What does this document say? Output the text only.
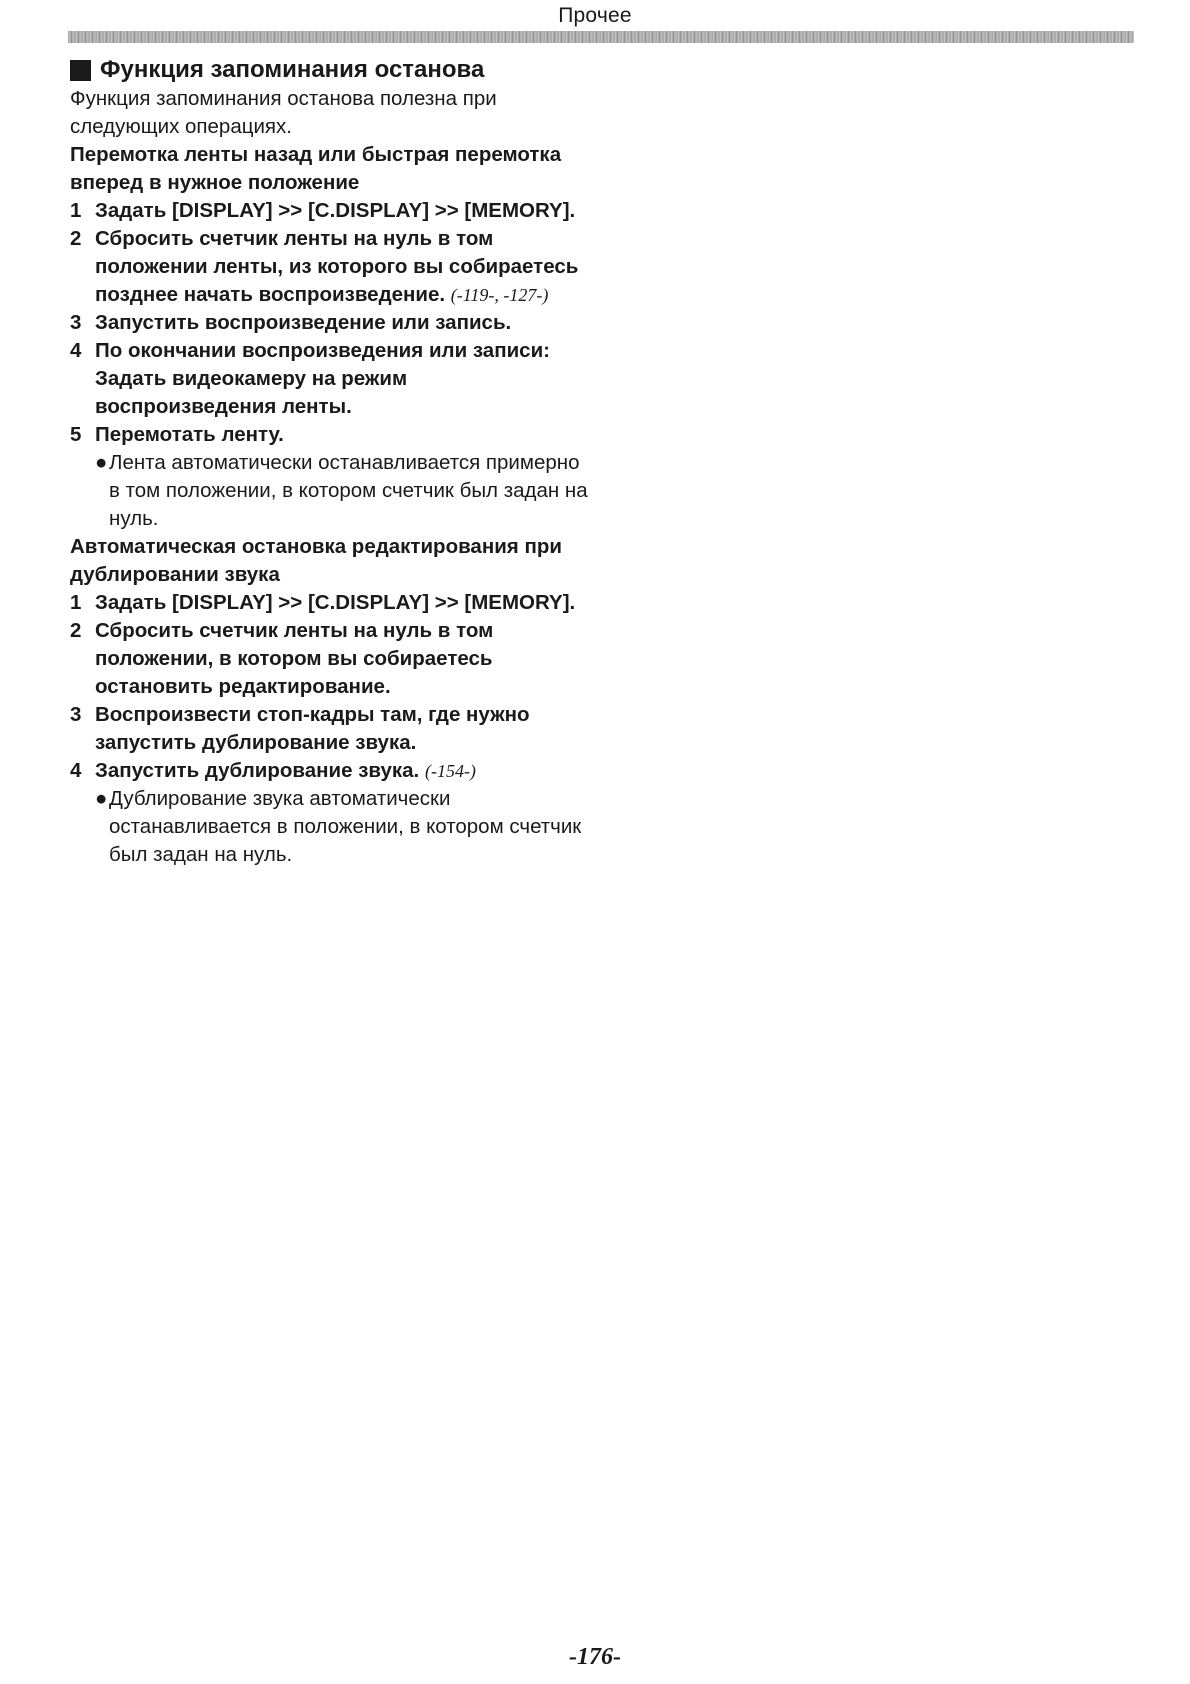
Прочее
Функция запоминания останова
Функция запоминания останова полезна при следующих операциях.
Перемотка ленты назад или быстрая перемотка вперед в нужное положение
1 Задать [DISPLAY] >> [C.DISPLAY] >> [MEMORY].
2 Сбросить счетчик ленты на нуль в том положении ленты, из которого вы собираетесь позднее начать воспроизведение. (-119-, -127-)
3 Запустить воспроизведение или запись.
4 По окончании воспроизведения или записи:
Задать видеокамеру на режим воспроизведения ленты.
5 Перемотать ленту.
● Лента автоматически останавливается примерно в том положении, в котором счетчик был задан на нуль.
Автоматическая остановка редактирования при дублировании звука
1 Задать [DISPLAY] >> [C.DISPLAY] >> [MEMORY].
2 Сбросить счетчик ленты на нуль в том положении, в котором вы собираетесь остановить редактирование.
3 Воспроизвести стоп-кадры там, где нужно запустить дублирование звука.
4 Запустить дублирование звука. (-154-)
● Дублирование звука автоматически останавливается в положении, в котором счетчик был задан на нуль.
-176-
